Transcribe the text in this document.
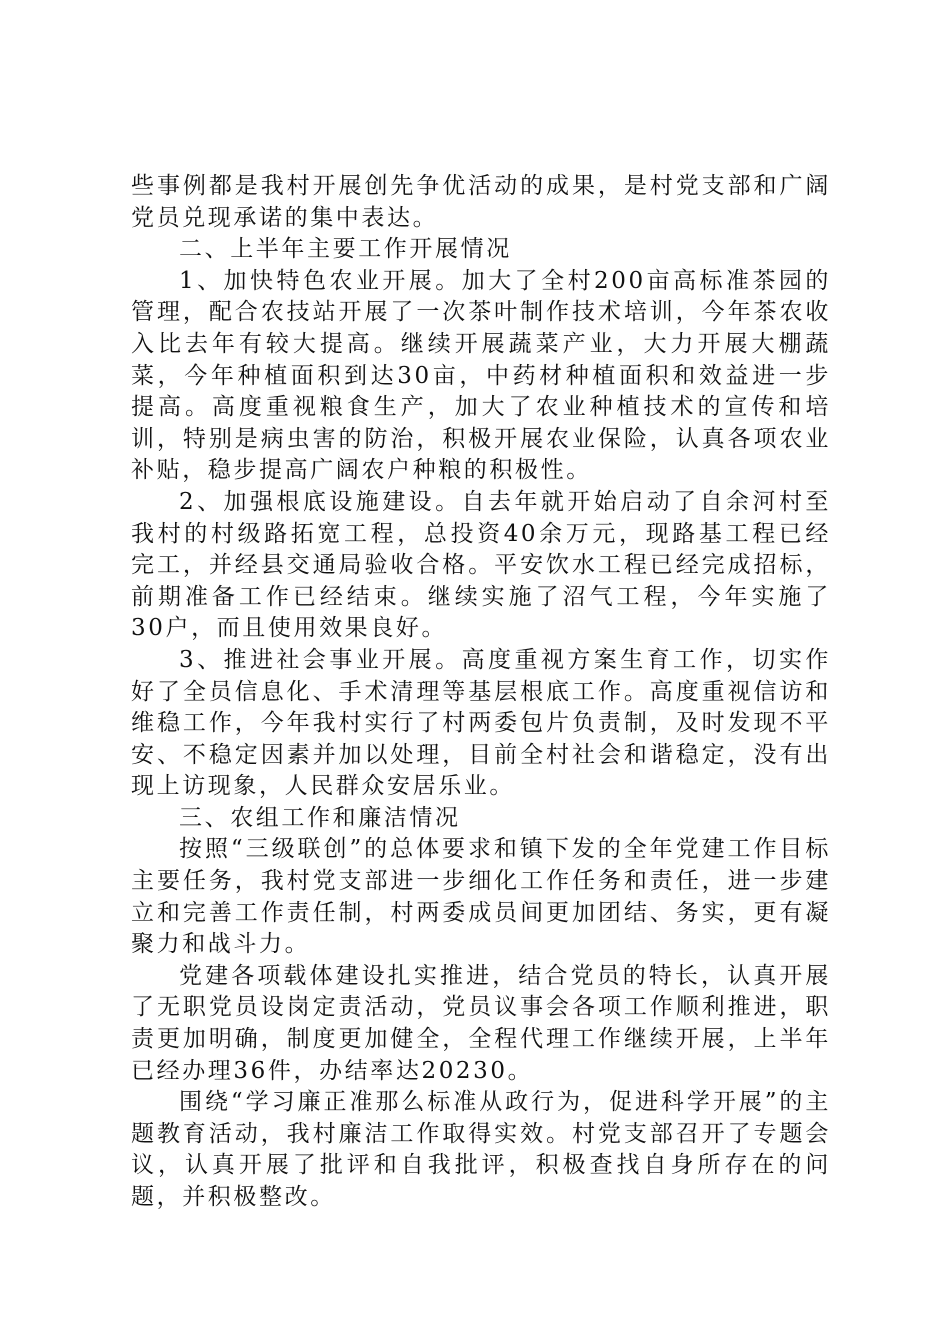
些事例都是我村开展创先争优活动的成果，是村党支部和广阔党员兑现承诺的集中表达。

二、上半年主要工作开展情况

1、加快特色农业开展。加大了全村200亩高标准茶园的管理，配合农技站开展了一次茶叶制作技术培训，今年茶农收入比去年有较大提高。继续开展蔬菜产业，大力开展大棚蔬菜，今年种植面积到达30亩，中药材种植面积和效益进一步提高。高度重视粮食生产，加大了农业种植技术的宣传和培训，特别是病虫害的防治，积极开展农业保险，认真各项农业补贴，稳步提高广阔农户种粮的积极性。

2、加强根底设施建设。自去年就开始启动了自余河村至我村的村级路拓宽工程，总投资40余万元，现路基工程已经完工，并经县交通局验收合格。平安饮水工程已经完成招标，前期准备工作已经结束。继续实施了沼气工程，今年实施了30户，而且使用效果良好。

3、推进社会事业开展。高度重视方案生育工作，切实作好了全员信息化、手术清理等基层根底工作。高度重视信访和维稳工作，今年我村实行了村两委包片负责制，及时发现不平安、不稳定因素并加以处理，目前全村社会和谐稳定，没有出现上访现象，人民群众安居乐业。

三、农组工作和廉洁情况

按照“三级联创”的总体要求和镇下发的全年党建工作目标主要任务，我村党支部进一步细化工作任务和责任，进一步建立和完善工作责任制，村两委成员间更加团结、务实，更有凝聚力和战斗力。

党建各项载体建设扎实推进，结合党员的特长，认真开展了无职党员设岗定责活动，党员议事会各项工作顺利推进，职责更加明确，制度更加健全，全程代理工作继续开展，上半年已经办理36件，办结率达20230。

围绕“学习廉正准那么标准从政行为，促进科学开展”的主题教育活动，我村廉洁工作取得实效。村党支部召开了专题会议，认真开展了批评和自我批评，积极查找自身所存在的问题，并积极整改。
